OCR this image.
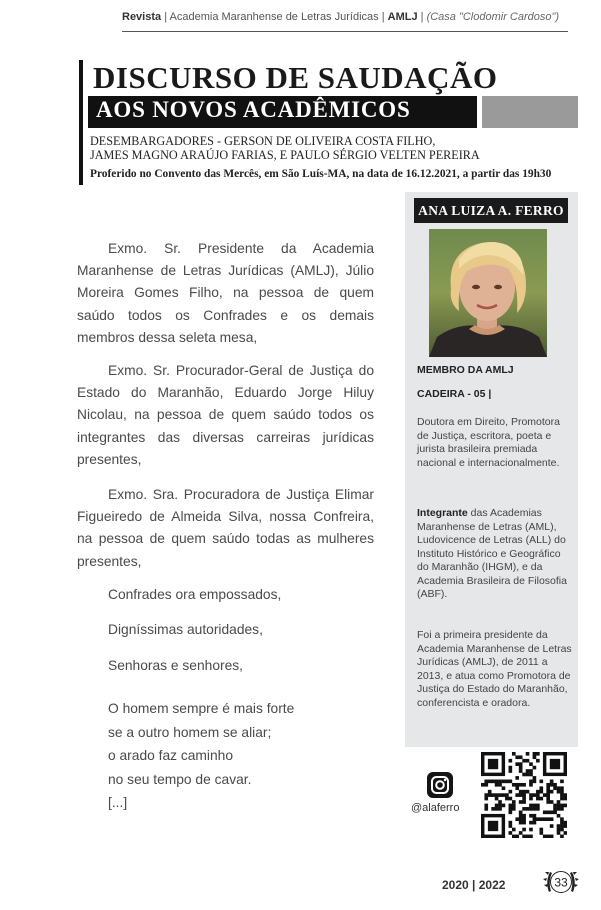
Revista | Academia Maranhense de Letras Jurídicas | AMLJ | (Casa "Clodomir Cardoso")
DISCURSO DE SAUDAÇÃO
AOS NOVOS ACADÊMICOS
DESEMBARGADORES - GERSON DE OLIVEIRA COSTA FILHO,
JAMES MAGNO ARAÚJO FARIAS, E PAULO SÉRGIO VELTEN PEREIRA
Proferido no Convento das Mercês, em São Luís-MA, na data de 16.12.2021, a partir das 19h30
ANA LUIZA A. FERRO
MEMBRO DA AMLJ
CADEIRA - 05 |
Doutora em Direito, Promotora de Justiça, escritora, poeta e jurista brasileira premiada nacional e internacionalmente.
Integrante das Academias Maranhense de Letras (AML), Ludovicence de Letras (ALL) do Instituto Histórico e Geográfico do Maranhão (IHGM), e da Academia Brasileira de Filosofia (ABF).
Foi a primeira presidente da Academia Maranhense de Letras Jurídicas (AMLJ), de 2011 a 2013, e atua como Promotora de Justiça do Estado do Maranhão, conferencista e oradora.
Exmo. Sr. Presidente da Academia Maranhense de Letras Jurídicas (AMLJ), Júlio Moreira Gomes Filho, na pessoa de quem saúdo todos os Confrades e os demais membros dessa seleta mesa,
Exmo. Sr. Procurador-Geral de Justiça do Estado do Maranhão, Eduardo Jorge Hiluy Nicolau, na pessoa de quem saúdo todos os integrantes das diversas carreiras jurídicas presentes,
Exmo. Sra. Procuradora de Justiça Elimar Figueiredo de Almeida Silva, nossa Confreira, na pessoa de quem saúdo todas as mulheres presentes,
Confrades ora empossados,
Digníssimas autoridades,
Senhoras e senhores,
O homem sempre é mais forte
se a outro homem se aliar;
o arado faz caminho
no seu tempo de cavar.
[...]	@alaferro
2020 | 2022	33
